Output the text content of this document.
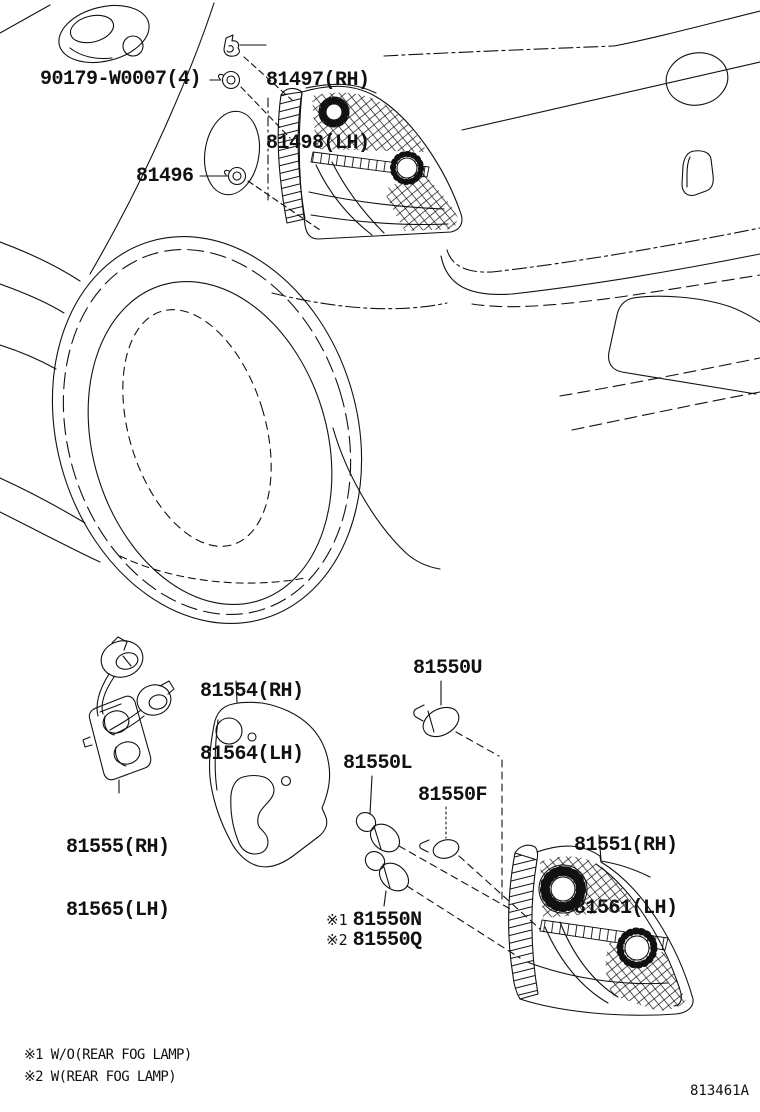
81497(RH)

81498(LH)

90179-W0007(4)
81496

81554(RH)

81564(LH)

81550U

81555(RH)

81565(LH)

81550L
81550F

81551(RH)

81561(LH)

※1 81550N
※2 81550Q
※1 W/O(REAR FOG LAMP)
※2 W(REAR FOG LAMP)
813461A
